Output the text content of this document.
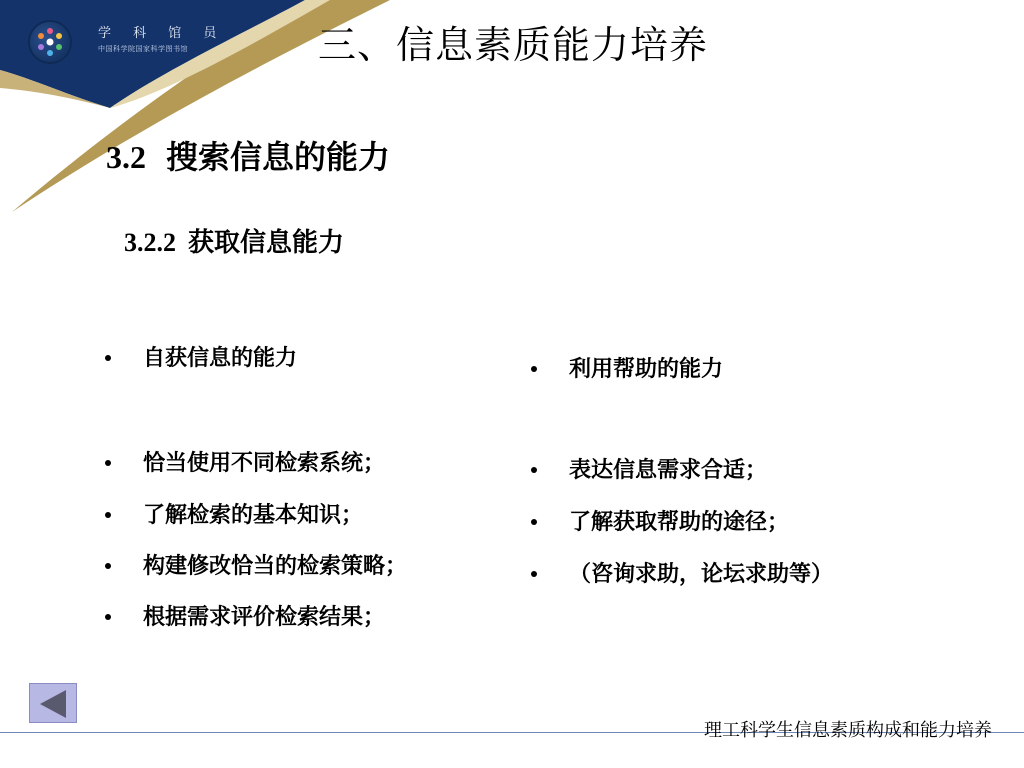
学 科 馆 员
中国科学院国家科学图书馆	三、信息素质能力培养
3.2 搜索信息的能力
3.2.2 获取信息能力
自获信息的能力
恰当使用不同检索系统；
了解检索的基本知识；
构建修改恰当的检索策略；
根据需求评价检索结果；
利用帮助的能力
表达信息需求合适；
了解获取帮助的途径；
（咨询求助，论坛求助等）
理工科学生信息素质构成和能力培养
